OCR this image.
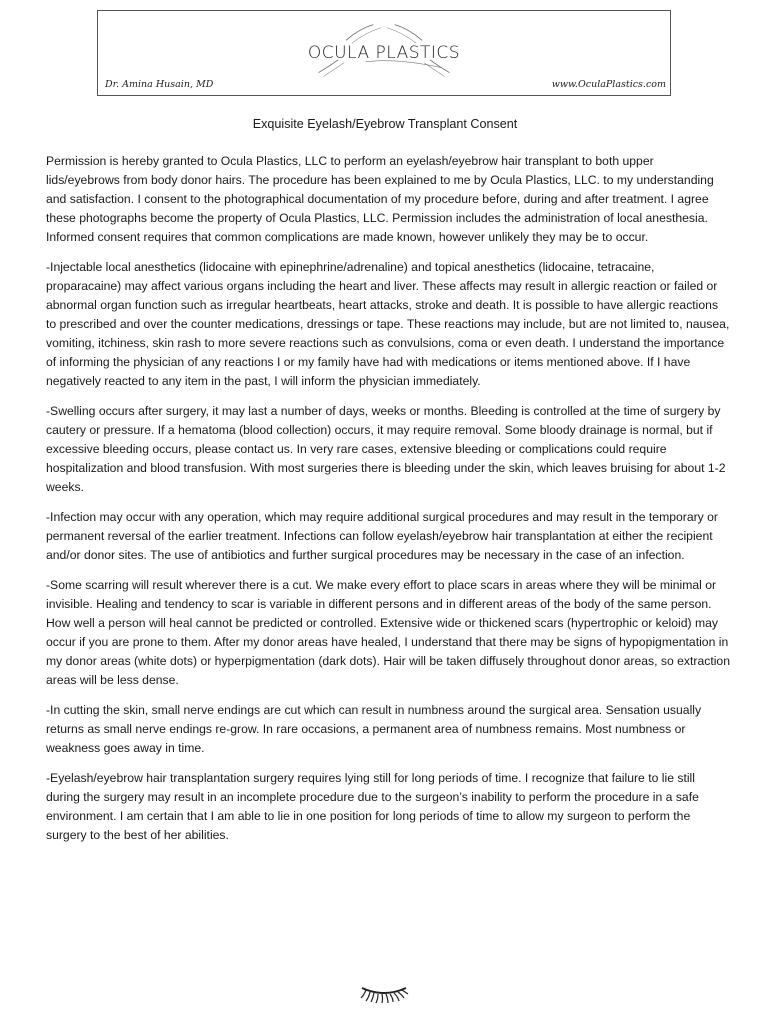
OCULA PLASTICS
Dr. Amina Husain, MD	www.OculaPlastics.com
Exquisite Eyelash/Eyebrow Transplant Consent

Permission is hereby granted to Ocula Plastics, LLC to perform an eyelash/eyebrow hair transplant to both upper lids/eyebrows from body donor hairs. The procedure has been explained to me by Ocula Plastics, LLC. to my understanding and satisfaction. I consent to the photographical documentation of my procedure before, during and after treatment. I agree these photographs become the property of Ocula Plastics, LLC. Permission includes the administration of local anesthesia. Informed consent requires that common complications are made known, however unlikely they may be to occur.

-Injectable local anesthetics (lidocaine with epinephrine/adrenaline) and topical anesthetics (lidocaine, tetracaine, proparacaine) may affect various organs including the heart and liver. These affects may result in allergic reaction or failed or abnormal organ function such as irregular heartbeats, heart attacks, stroke and death. It is possible to have allergic reactions to prescribed and over the counter medications, dressings or tape. These reactions may include, but are not limited to, nausea, vomiting, itchiness, skin rash to more severe reactions such as convulsions, coma or even death. I understand the importance of informing the physician of any reactions I or my family have had with medications or items mentioned above. If I have negatively reacted to any item in the past, I will inform the physician immediately.

-Swelling occurs after surgery, it may last a number of days, weeks or months. Bleeding is controlled at the time of surgery by cautery or pressure. If a hematoma (blood collection) occurs, it may require removal. Some bloody drainage is normal, but if excessive bleeding occurs, please contact us. In very rare cases, extensive bleeding or complications could require hospitalization and blood transfusion. With most surgeries there is bleeding under the skin, which leaves bruising for about 1-2 weeks.

-Infection may occur with any operation, which may require additional surgical procedures and may result in the temporary or permanent reversal of the earlier treatment. Infections can follow eyelash/eyebrow hair transplantation at either the recipient and/or donor sites. The use of antibiotics and further surgical procedures may be necessary in the case of an infection.

-Some scarring will result wherever there is a cut. We make every effort to place scars in areas where they will be minimal or invisible. Healing and tendency to scar is variable in different persons and in different areas of the body of the same person. How well a person will heal cannot be predicted or controlled. Extensive wide or thickened scars (hypertrophic or keloid) may occur if you are prone to them. After my donor areas have healed, I understand that there may be signs of hypopigmentation in my donor areas (white dots) or hyperpigmentation (dark dots). Hair will be taken diffusely throughout donor areas, so extraction areas will be less dense.

-In cutting the skin, small nerve endings are cut which can result in numbness around the surgical area. Sensation usually returns as small nerve endings re-grow. In rare occasions, a permanent area of numbness remains. Most numbness or weakness goes away in time.

-Eyelash/eyebrow hair transplantation surgery requires lying still for long periods of time. I recognize that failure to lie still during the surgery may result in an incomplete procedure due to the surgeon’s inability to perform the procedure in a safe environment. I am certain that I am able to lie in one position for long periods of time to allow my surgeon to perform the surgery to the best of her abilities.
